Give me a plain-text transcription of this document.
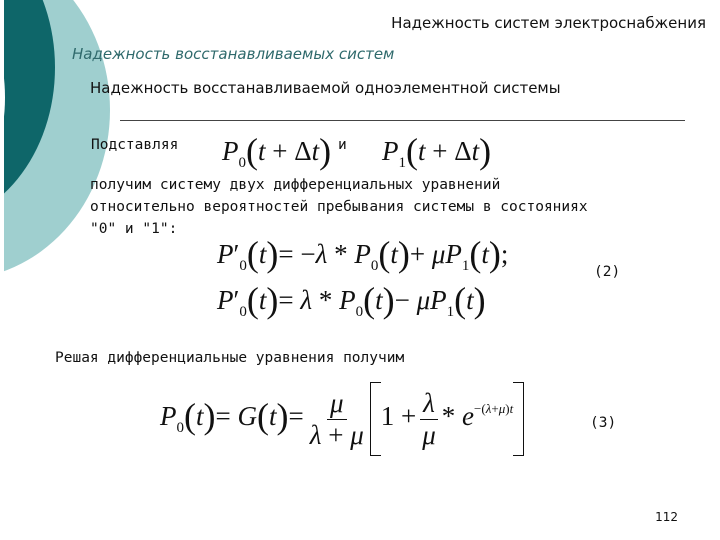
Надежность систем электроснабжения
Надежность восстанавливаемых систем
Надежность восстанавливаемой одноэлементной системы
Подставляя $P_0(t + \Delta t)$ и $P_1(t + \Delta t)$
получим систему двух дифференциальных уравнений
относительно вероятностей пребывания системы в состояниях
"0" и "1":
$P'_0(t)= -\lambda * P_0(t)+ \mu P_1(t)$;
$P'_0(t)= \lambda * P_0(t)- \mu P_1(t)$
(2)
Решая дифференциальные уравнения получим
$P_0(t)= G(t)= \frac{\mu}{\lambda + \mu} 1 + \frac{\lambda}{\mu} * e^{-(\lambda+\mu)t}$
(3)
112
